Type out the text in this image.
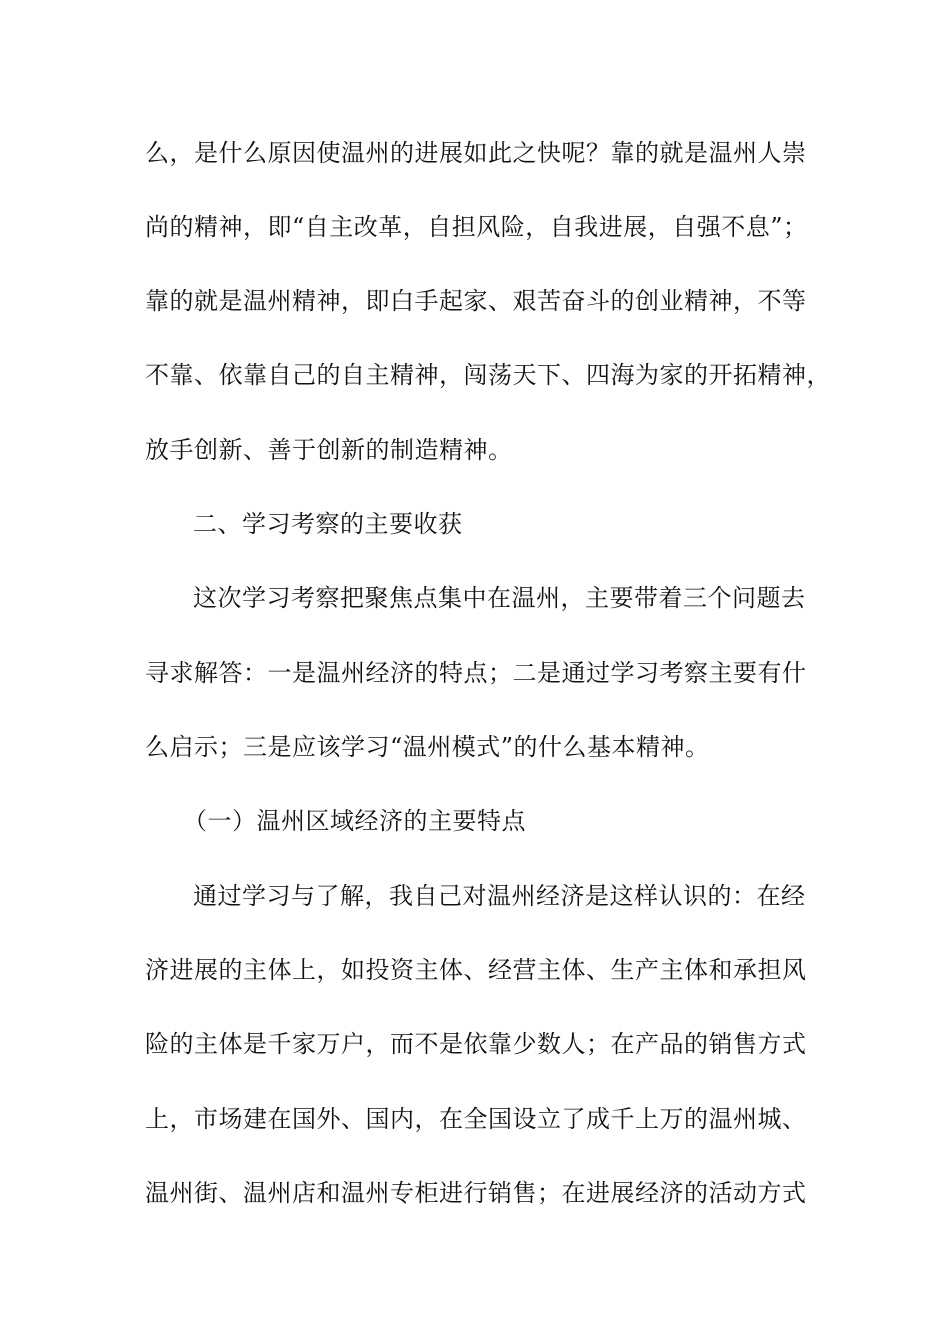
么，是什么原因使温州的进展如此之快呢？靠的就是温州人崇
尚的精神，即“自主改革，自担风险，自我进展，自强不息”；
靠的就是温州精神，即白手起家、艰苦奋斗的创业精神，不等
不靠、依靠自己的自主精神，闯荡天下、四海为家的开拓精神，
放手创新、善于创新的制造精神。
二、学习考察的主要收获
这次学习考察把聚焦点集中在温州，主要带着三个问题去
寻求解答：一是温州经济的特点；二是通过学习考察主要有什
么启示；三是应该学习“温州模式”的什么基本精神。
（一）温州区域经济的主要特点
通过学习与了解，我自己对温州经济是这样认识的：在经
济进展的主体上，如投资主体、经营主体、生产主体和承担风
险的主体是千家万户，而不是依靠少数人；在产品的销售方式
上，市场建在国外、国内，在全国设立了成千上万的温州城、
温州街、温州店和温州专柜进行销售；在进展经济的活动方式
